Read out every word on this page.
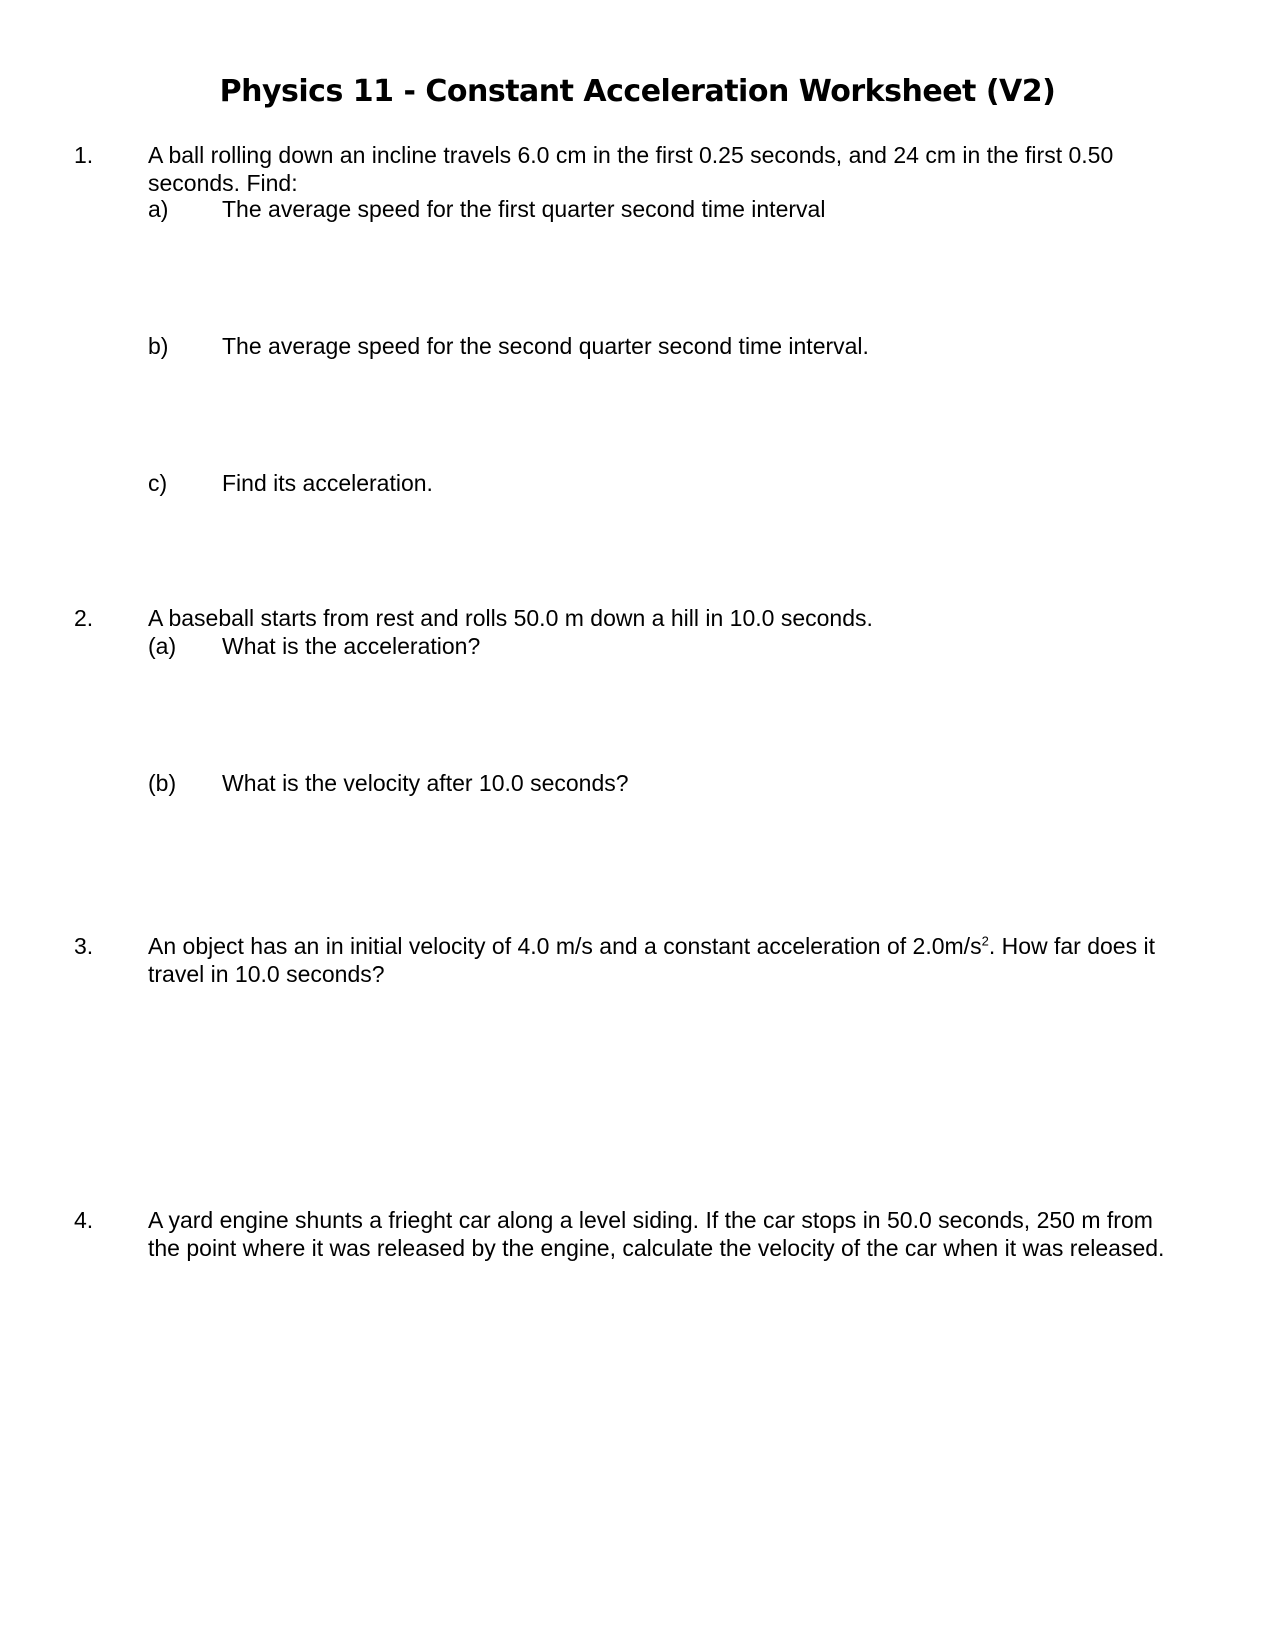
Physics 11 - Constant Acceleration Worksheet (V2)
1. A ball rolling down an incline travels 6.0 cm in the first 0.25 seconds, and 24 cm in the first 0.50 seconds. Find:
a) The average speed for the first quarter second time interval
b) The average speed for the second quarter second time interval.
c) Find its acceleration.
2. A baseball starts from rest and rolls 50.0 m down a hill in 10.0 seconds.
(a) What is the acceleration?
(b) What is the velocity after 10.0 seconds?
3. An object has an in initial velocity of 4.0 m/s and a constant acceleration of $2.0m/s^2$. How far does it travel in 10.0 seconds?
4. A yard engine shunts a frieght car along a level siding. If the car stops in 50.0 seconds, 250 m from the point where it was released by the engine, calculate the velocity of the car when it was released.
